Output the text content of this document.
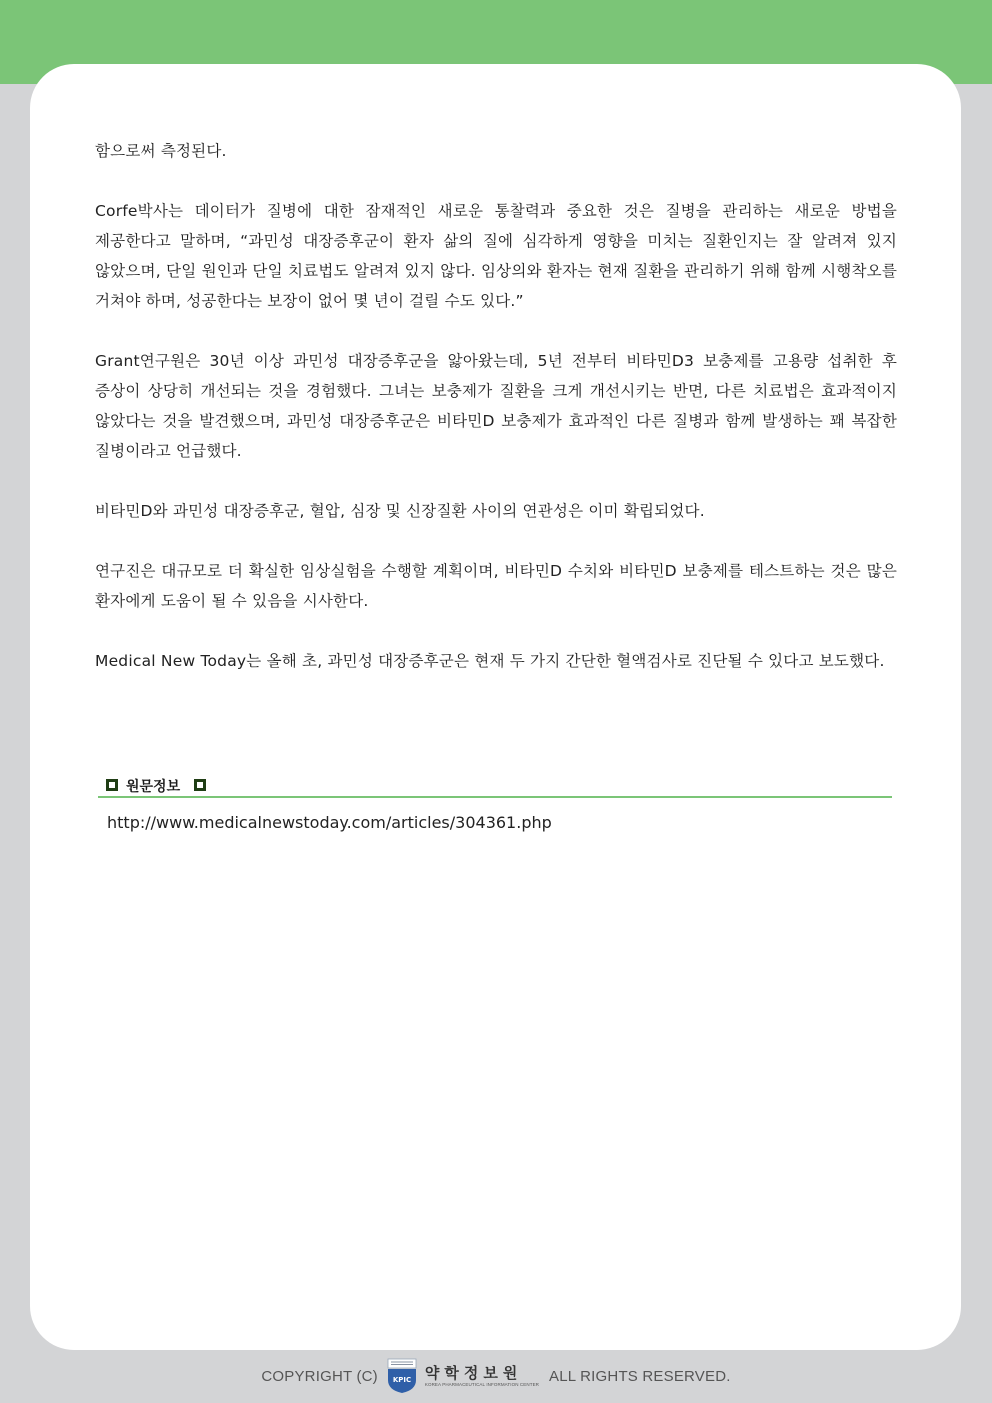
함으로써 측정된다.

Corfe박사는 데이터가 질병에 대한 잠재적인 새로운 통찰력과 중요한 것은 질병을 관리하는 새로운 방법을 제공한다고 말하며, “과민성 대장증후군이 환자 삶의 질에 심각하게 영향을 미치는 질환인지는 잘 알려져 있지 않았으며, 단일 원인과 단일 치료법도 알려져 있지 않다. 임상의와 환자는 현재 질환을 관리하기 위해 함께 시행착오를 거쳐야 하며, 성공한다는 보장이 없어 몇 년이 걸릴 수도 있다.”

Grant연구원은 30년 이상 과민성 대장증후군을 앓아왔는데, 5년 전부터 비타민D3 보충제를 고용량 섭취한 후 증상이 상당히 개선되는 것을 경험했다. 그녀는 보충제가 질환을 크게 개선시키는 반면, 다른 치료법은 효과적이지 않았다는 것을 발견했으며, 과민성 대장증후군은 비타민D 보충제가 효과적인 다른 질병과 함께 발생하는 꽤 복잡한 질병이라고 언급했다.

비타민D와 과민성 대장증후군, 혈압, 심장 및 신장질환 사이의 연관성은 이미 확립되었다.

연구진은 대규모로 더 확실한 임상실험을 수행할 계획이며, 비타민D 수치와 비타민D 보충제를 테스트하는 것은 많은 환자에게 도움이 될 수 있음을 시사한다.

Medical New Today는 올해 초, 과민성 대장증후군은 현재 두 가지 간단한 혈액검사로 진단될 수 있다고 보도했다.

원문정보
http://www.medicalnewstoday.com/articles/304361.php
COPYRIGHT (C) KPIC 약학정보원
KOREA PHARMACEUTICAL INFORMATION CENTER ALL RIGHTS RESERVED.
